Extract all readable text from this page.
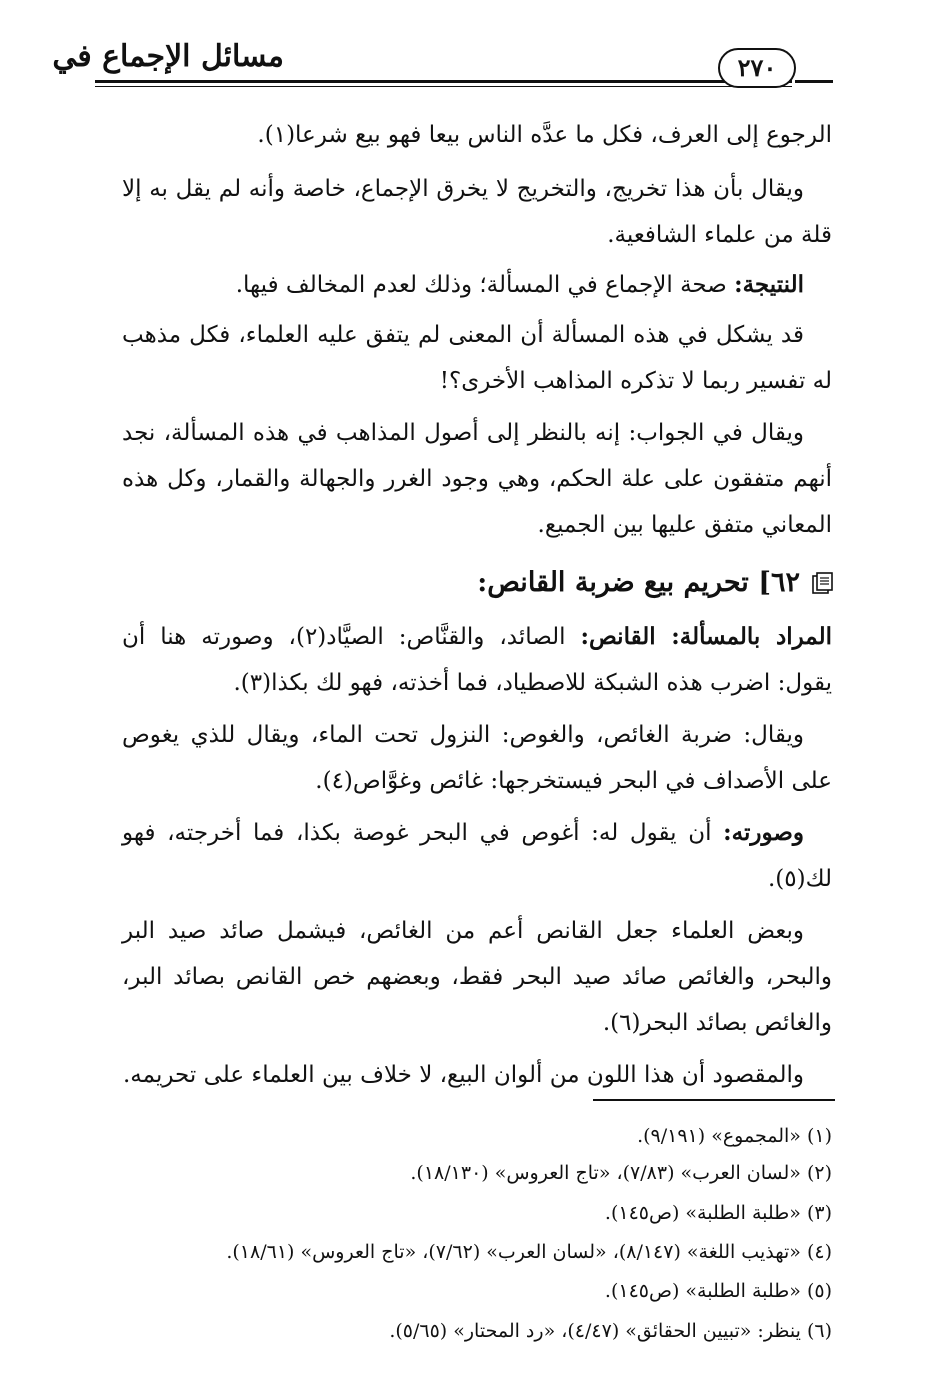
مسائل الإجماع في	٢٧٠
الرجوع إلى العرف، فكل ما عدَّه الناس بيعا فهو بيع شرعا(١).
ويقال بأن هذا تخريج، والتخريج لا يخرق الإجماع، خاصة وأنه لم يقل به إلا قلة من علماء الشافعية.
النتيجة: صحة الإجماع في المسألة؛ وذلك لعدم المخالف فيها.
قد يشكل في هذه المسألة أن المعنى لم يتفق عليه العلماء، فكل مذهب له تفسير ربما لا تذكره المذاهب الأخرى؟!
ويقال في الجواب: إنه بالنظر إلى أصول المذاهب في هذه المسألة، نجد أنهم متفقون على علة الحكم، وهي وجود الغرر والجهالة والقمار، وكل هذه المعاني متفق عليها بين الجميع.
٦٢] تحريم بيع ضربة القانص:
المراد بالمسألة: القانص: الصائد، والقنَّاص: الصيَّاد(٢)، وصورته هنا أن يقول: اضرب هذه الشبكة للاصطياد، فما أخذته، فهو لك بكذا(٣).
ويقال: ضربة الغائص، والغوص: النزول تحت الماء، ويقال للذي يغوص على الأصداف في البحر فيستخرجها: غائص وغوَّاص(٤).
وصورته: أن يقول له: أغوص في البحر غوصة بكذا، فما أخرجته، فهو لك(٥).
وبعض العلماء جعل القانص أعم من الغائص، فيشمل صائد صيد البر والبحر، والغائص صائد صيد البحر فقط، وبعضهم خص القانص بصائد البر، والغائص بصائد البحر(٦).
والمقصود أن هذا اللون من ألوان البيع، لا خلاف بين العلماء على تحريمه.
(١) «المجموع» (٩/١٩١).
(٢) «لسان العرب» (٧/٨٣)، «تاج العروس» (١٨/١٣٠).
(٣) «طلبة الطلبة» (ص١٤٥).
(٤) «تهذيب اللغة» (٨/١٤٧)، «لسان العرب» (٧/٦٢)، «تاج العروس» (١٨/٦١).
(٥) «طلبة الطلبة» (ص١٤٥).
(٦) ينظر: «تبيين الحقائق» (٤/٤٧)، «رد المحتار» (٥/٦٥).
